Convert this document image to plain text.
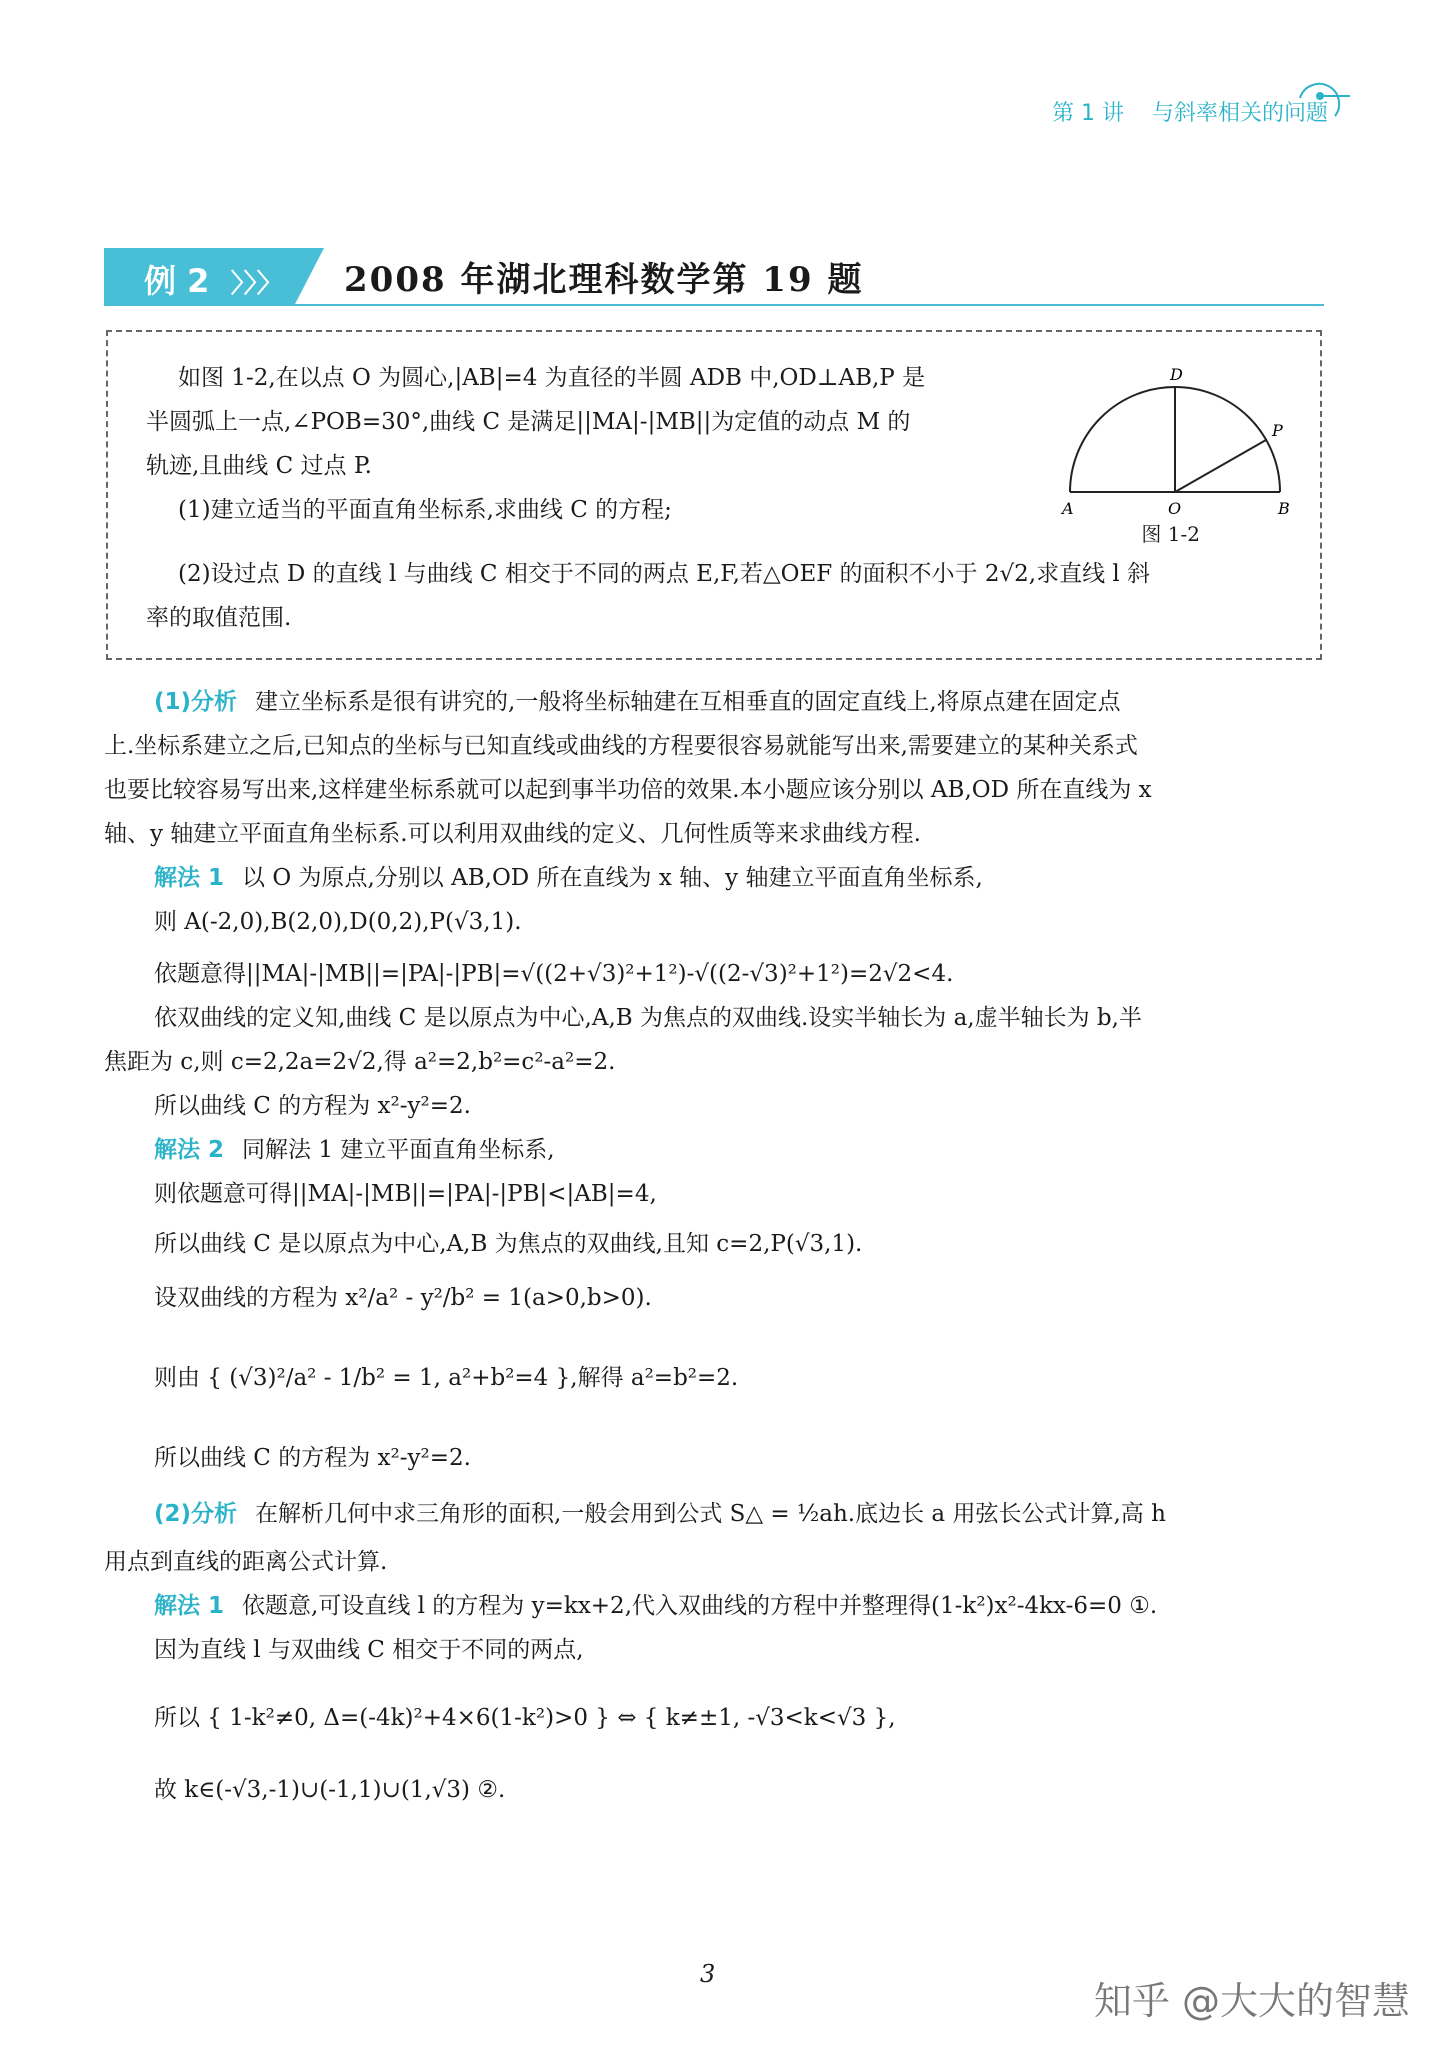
第 1 讲 与斜率相关的问题
例 2 〉〉〉	2008 年湖北理科数学第 19 题

如图 1-2,在以点 O 为圆心,|AB|=4 为直径的半圆 ADB 中,OD⊥AB,P 是

半圆弧上一点,∠POB=30°,曲线 C 是满足||MA|-|MB||为定值的动点 M 的

轨迹,且曲线 C 过点 P.

(1)建立适当的平面直角坐标系,求曲线 C 的方程;

(2)设过点 D 的直线 l 与曲线 C 相交于不同的两点 E,F,若△OEF 的面积不小于 2√2,求直线 l 斜

率的取值范围.

D
P
A	O	B
图 1-2

(1)分析 建立坐标系是很有讲究的,一般将坐标轴建在互相垂直的固定直线上,将原点建在固定点

上.坐标系建立之后,已知点的坐标与已知直线或曲线的方程要很容易就能写出来,需要建立的某种关系式

也要比较容易写出来,这样建坐标系就可以起到事半功倍的效果.本小题应该分别以 AB,OD 所在直线为 x

轴、y 轴建立平面直角坐标系.可以利用双曲线的定义、几何性质等来求曲线方程.

解法 1 以 O 为原点,分别以 AB,OD 所在直线为 x 轴、y 轴建立平面直角坐标系,

则 A(-2,0),B(2,0),D(0,2),P(√3,1).

依题意得||MA|-|MB||=|PA|-|PB|=√((2+√3)²+1²)-√((2-√3)²+1²)=2√2<4.

依双曲线的定义知,曲线 C 是以原点为中心,A,B 为焦点的双曲线.设实半轴长为 a,虚半轴长为 b,半

焦距为 c,则 c=2,2a=2√2,得 a²=2,b²=c²-a²=2.

所以曲线 C 的方程为 x²-y²=2.

解法 2 同解法 1 建立平面直角坐标系,

则依题意可得||MA|-|MB||=|PA|-|PB|<|AB|=4,

所以曲线 C 是以原点为中心,A,B 为焦点的双曲线,且知 c=2,P(√3,1).

设双曲线的方程为 x²/a² - y²/b² = 1(a>0,b>0).

则由 { (√3)²/a² - 1/b² = 1, a²+b²=4 },解得 a²=b²=2.

所以曲线 C 的方程为 x²-y²=2.

(2)分析 在解析几何中求三角形的面积,一般会用到公式 S△ = ½ah.底边长 a 用弦长公式计算,高 h

用点到直线的距离公式计算.

解法 1 依题意,可设直线 l 的方程为 y=kx+2,代入双曲线的方程中并整理得(1-k²)x²-4kx-6=0 ①.

因为直线 l 与双曲线 C 相交于不同的两点,

所以 { 1-k²≠0, Δ=(-4k)²+4×6(1-k²)>0 } ⇔ { k≠±1, -√3<k<√3 },

故 k∈(-√3,-1)∪(-1,1)∪(1,√3) ②.

3
知乎 @大大的智慧
